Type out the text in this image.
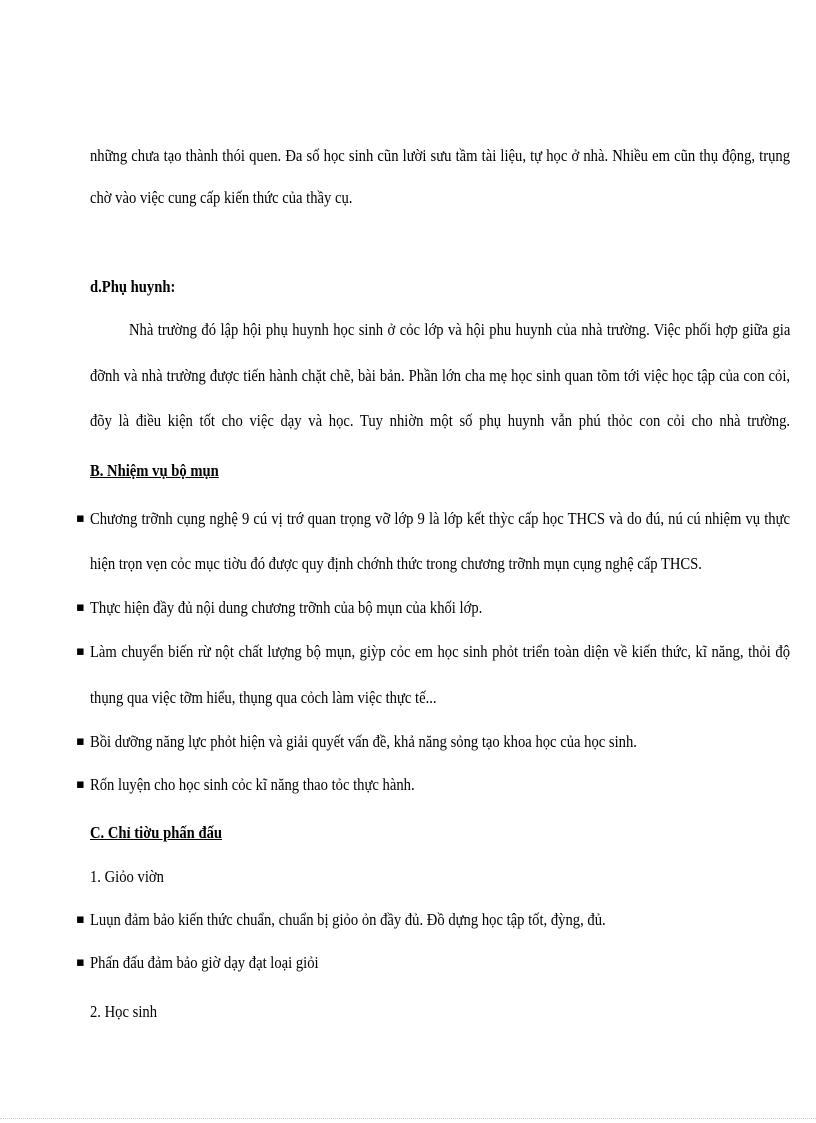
những chưa tạo thành thói quen. Đa số học sinh cũn lười sưu tầm tài liệu, tự học ở nhà. Nhiều em cũn thụ động, trụng
chờ vào việc cung cấp kiến thức của thầy cụ.
d.Phụ huynh:
Nhà trường đó lập hội phụ huynh học sinh ở cỏc lớp và hội phu huynh của nhà trường. Việc phối hợp giữa gia
đỡnh và nhà trường được tiến hành chặt chẽ, bài bản. Phần lớn cha mẹ học sinh quan tõm tới việc học tập của con cỏi,
đõy là điều kiện tốt cho việc dạy và học. Tuy nhiờn một số phụ huynh vẫn phú thỏc con cỏi cho nhà trường.
B. Nhiệm vụ bộ mụn
▪ Chương trỡnh cụng nghệ 9 cú vị trớ quan trọng vỡ lớp 9 là lớp kết thỳc cấp học THCS và do đú, nú cú nhiệm vụ thực
hiện trọn vẹn cỏc mục tiờu đó được quy định chớnh thức trong chương trỡnh mụn cụng nghệ cấp THCS.
▪ Thực hiện đầy đủ nội dung chương trỡnh của bộ mụn của khối lớp.
▪ Làm chuyển biến rừ nột chất lượng bộ mụn, giỳp cỏc em học sinh phỏt triển toàn diện về kiến thức, kĩ năng, thỏi độ
thụng qua việc tỡm hiểu, thụng qua cỏch làm việc thực tế...
▪ Bồi dưỡng năng lực phỏt hiện và giải quyết vấn đề, khả năng sỏng tạo khoa học của học sinh.
▪ Rốn luyện cho học sinh cỏc kĩ năng thao tỏc thực hành.
C. Chỉ tiờu phấn đấu
1. Giỏo viờn
▪ Luụn đảm bảo kiến thức chuẩn, chuẩn bị giỏo ỏn đầy đủ. Đồ dựng học tập tốt, đỳng, đủ.
▪ Phấn đấu đảm bảo giờ dạy đạt loại giỏi
2. Học sinh
